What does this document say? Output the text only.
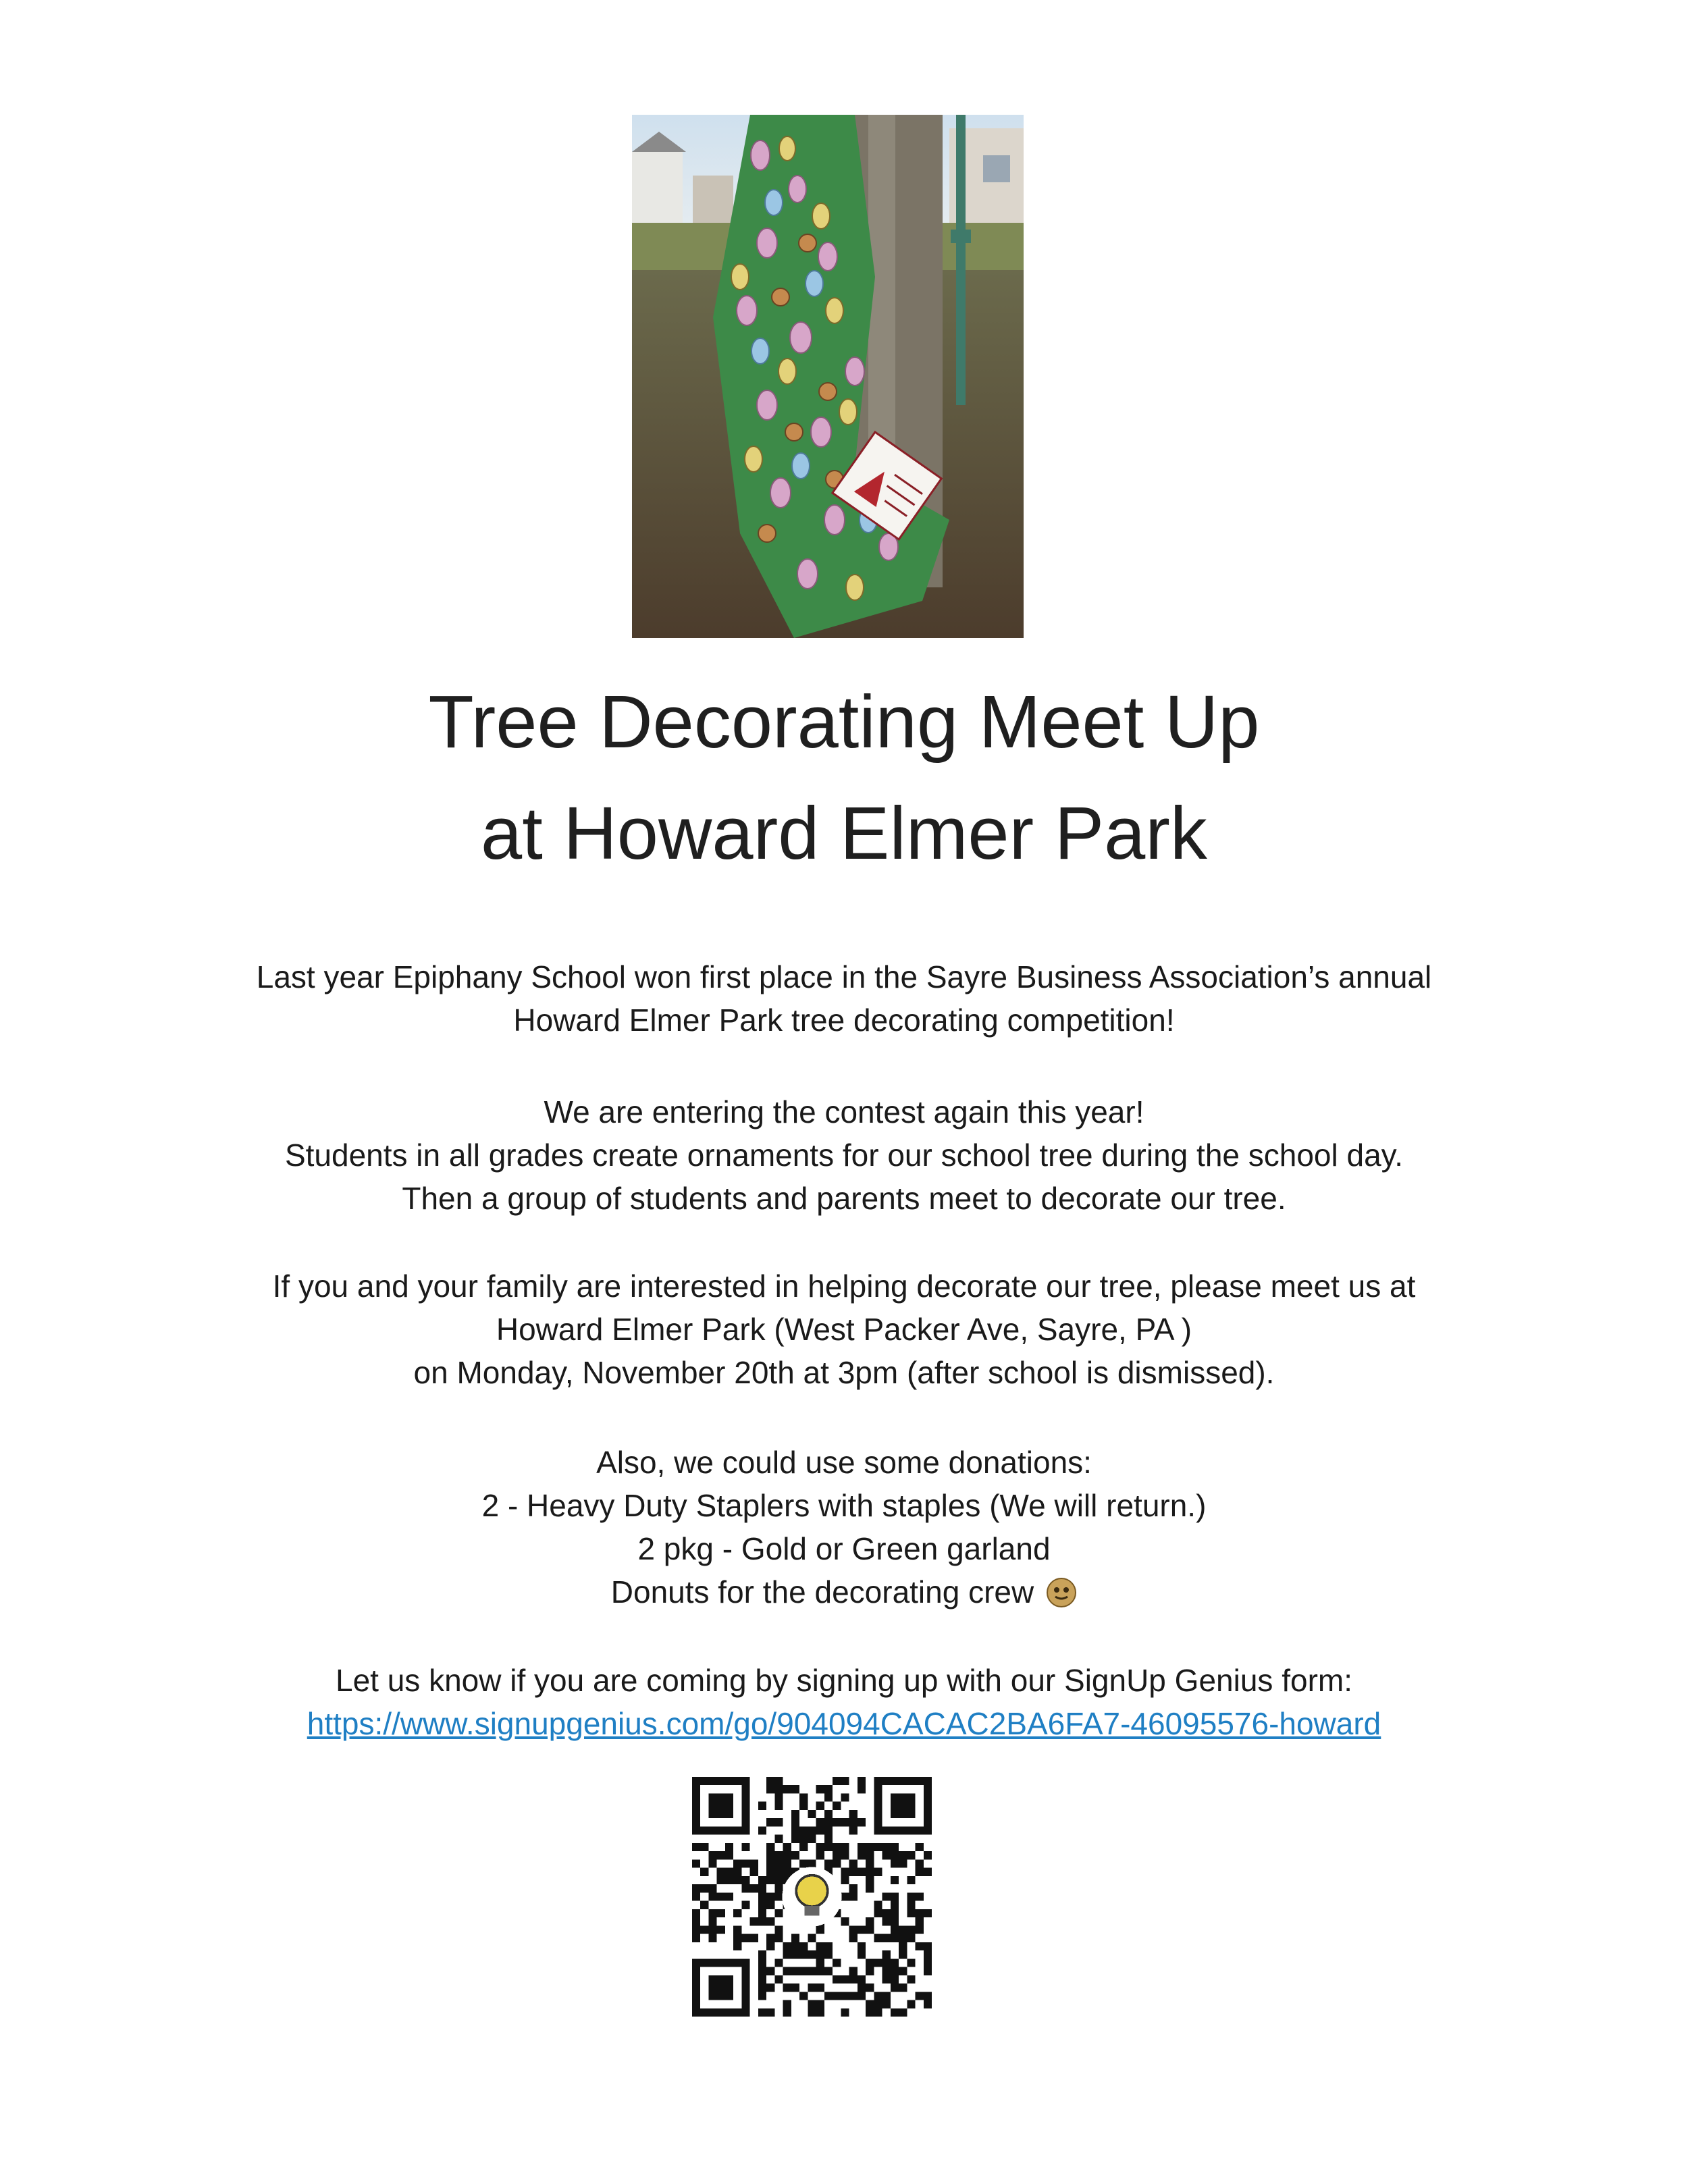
Tree Decorating Meet Up
at Howard Elmer Park
Last year Epiphany School won first place in the Sayre Business Association’s annual
Howard Elmer Park tree decorating competition!
We are entering the contest again this year!
Students in all grades create ornaments for our school tree during the school day.
Then a group of students and parents meet to decorate our tree.
If you and your family are interested in helping decorate our tree, please meet us at
Howard Elmer Park (West Packer Ave, Sayre, PA )
on Monday, November 20th at 3pm (after school is dismissed).
Also, we could use some donations:
2 - Heavy Duty Staplers with staples (We will return.)
2 pkg - Gold or Green garland
Donuts for the decorating crew
Let us know if you are coming by signing up with our SignUp Genius form:
https://www.signupgenius.com/go/904094CACAC2BA6FA7-46095576-howard
